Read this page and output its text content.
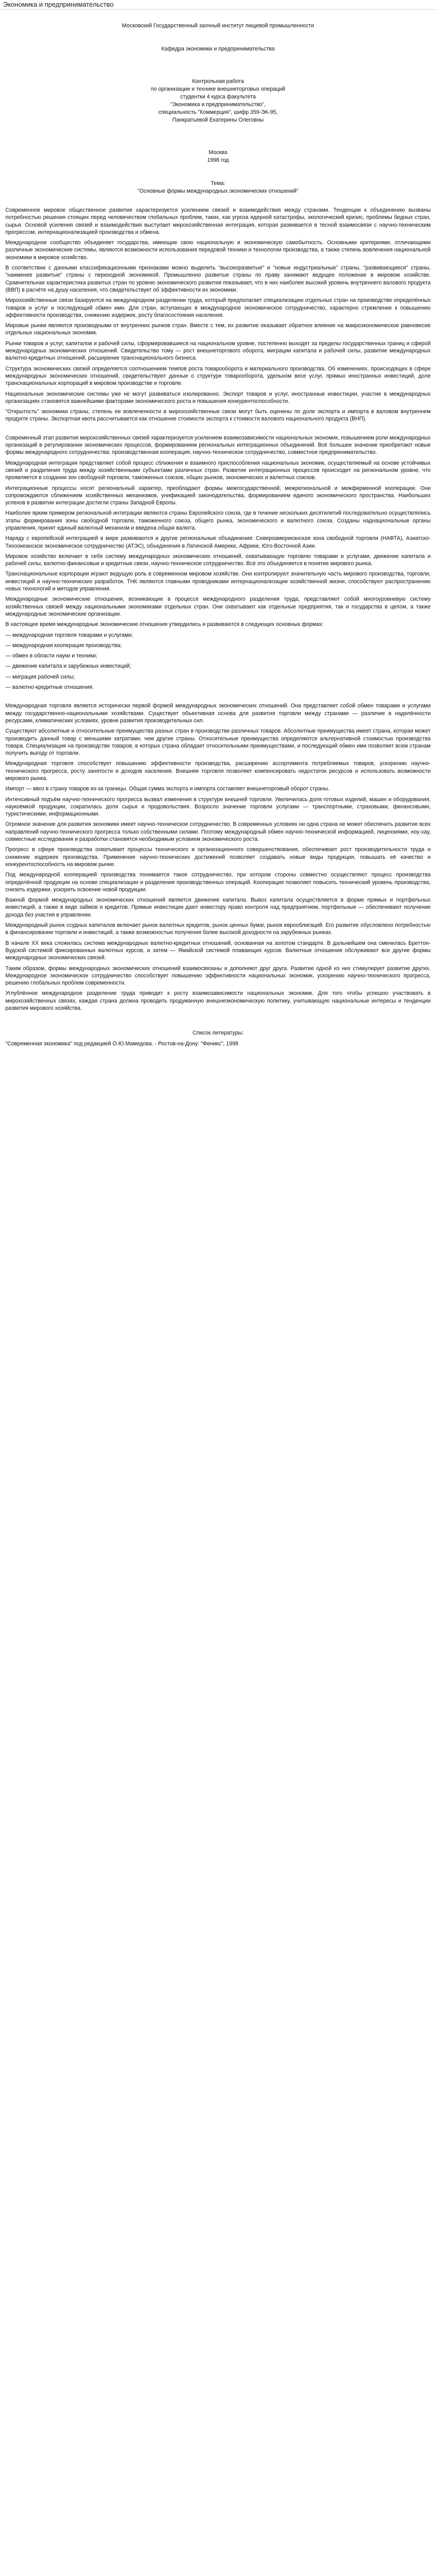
Экономика и предпринимательство
Московский Государственный заочный институт пищевой промышленности
Кафедра экономики и предпринимательства
Контрольная работа
по организации и технике внешнеторговых операций
студентки 4 курса факультета
"Экономика и предпринимательство",
специальность "Коммерция", шифр 359-ЭК-95,
Панкратьевой Екатерины Олеговны
Москва
1998 год
Тема:
"Основные формы международных экономических отношений"

Современное мировое общественное развитие характеризуется усилением связей и взаимодействия между странами. Тенденции к объединению вызваны потребностью решения стоящих перед человечеством глобальных проблем, таких, как угроза ядерной катастрофы, экологический кризис, проблемы бедных стран, сырья. Основой усиления связей и взаимодействия выступает мирохозяйственная интеграция, которая развивается в тесной взаимосвязи с научно-техническим прогрессом, интернационализацией производства и обмена.

Международное сообщество объединяет государства, имеющие свою национальную и экономическую самобытность. Основными критериями, отличающими различные экономические системы, являются возможности использования передовой техники и технологии производства, а также степень вовлечения национальной экономики в мировое хозяйство.

В соответствии с данными классификационными признаками можно выделить "высокоразвитые" и "новые индустриальные" страны, "развивающиеся" страны, "наименее развитые" страны с переходной экономикой. Промышленно развитые страны по праву занимают ведущее положение в мировом хозяйстве. Сравнительная характеристика развитых стран по уровню экономического развития показывает, что в них наиболее высокий уровень внутреннего валового продукта (ВВП) в расчёте на душу населения, что свидетельствует об эффективности их экономики.

Мирохозяйственные связи базируются на международном разделении труда, который предполагает специализацию отдельных стран на производстве определённых товаров и услуг и последующий обмен ими. Для стран, вступающих в международное экономическое сотрудничество, характерно стремление к повышению эффективности производства, снижению издержек, росту благосостояния населения.

Мировые рынки являются производными от внутренних рынков стран. Вместе с тем, их развитие оказывает обратное влияние на макроэкономическое равновесие отдельных национальных экономик.

Рынки товаров и услуг, капиталов и рабочей силы, сформировавшиеся на национальном уровне, постепенно выходят за пределы государственных границ и сферой международных экономических отношений. Свидетельство тому — рост внешнеторгового оборота, миграции капитала и рабочей силы, развитие международных валютно-кредитных отношений, расширение транснационального бизнеса.

Структура экономических связей определяется соотношением темпов роста товарооборота и материального производства. Об изменениях, происходящих в сфере международных экономических отношений, свидетельствуют данные о структуре товарооборота, удельном весе услуг, прямых иностранных инвестиций, доле транснациональных корпораций в мировом производстве и торговле.

Национальные экономические системы уже не могут развиваться изолированно. Экспорт товаров и услуг, иностранные инвестиции, участие в международных организациях становятся важнейшими факторами экономического роста и повышения конкурентоспособности.

"Открытость" экономики страны, степень ее вовлеченности в мирохозяйственные связи могут быть оценены по доле экспорта и импорта в валовом внутреннем продукте страны. Экспортная квота рассчитывается как отношение стоимости экспорта к стоимости валового национального продукта (ВНП).

Современный этап развития мирохозяйственных связей характеризуется усилением взаимозависимости национальных экономик, повышением роли международных организаций в регулировании экономических процессов, формированием региональных интеграционных объединений. Всё большее значение приобретают новые формы международного сотрудничества: производственная кооперация, научно-техническое сотрудничество, совместное предпринимательство.

Международная интеграция представляет собой процесс сближения и взаимного приспособления национальных экономик, осуществляемый на основе устойчивых связей и разделения труда между хозяйственными субъектами различных стран. Развитие интеграционных процессов происходит на региональном уровне, что проявляется в создании зон свободной торговли, таможенных союзов, общих рынков, экономических и валютных союзов.

Интеграционные процессы носят региональный характер, преобладают формы межгосударственной, межрегиональной и межфирменной кооперации. Они сопровождаются сближением хозяйственных механизмов, унификацией законодательства, формированием единого экономического пространства. Наибольших успехов в развитии интеграции достигли страны Западной Европы.

Наиболее ярким примером региональной интеграции являются страны Европейского союза, где в течение нескольких десятилетий последовательно осуществлялись этапы формирования зоны свободной торговли, таможенного союза, общего рынка, экономического и валютного союза. Созданы наднациональные органы управления, принят единый валютный механизм и введена общая валюта.

Наряду с европейской интеграцией в мире развиваются и другие региональные объединения: Североамериканская зона свободной торговли (НАФТА), Азиатско-Тихоокеанское экономическое сотрудничество (АТЭС), объединения в Латинской Америке, Африке, Юго-Восточной Азии.

Мировое хозяйство включает в себя систему международных экономических отношений, охватывающую торговлю товарами и услугами, движение капитала и рабочей силы, валютно-финансовые и кредитные связи, научно-техническое сотрудничество. Всё это объединяется в понятие мирового рынка.

Транснациональные корпорации играют ведущую роль в современном мировом хозяйстве. Они контролируют значительную часть мирового производства, торговли, инвестиций и научно-технических разработок. ТНК являются главными проводниками интернационализации хозяйственной жизни, способствуют распространению новых технологий и методов управления.

Международные экономические отношения, возникающие в процессе международного разделения труда, представляют собой многоуровневую систему хозяйственных связей между национальными экономиками отдельных стран. Они охватывают как отдельные предприятия, так и государства в целом, а также международные экономические организации.

В настоящее время международные экономические отношения утвердились и развиваются в следующих основных формах:

— международная торговля товарами и услугами;
— международная кооперация производства;
— обмен в области науки и техники;
— движение капитала и зарубежных инвестиций;
— миграция рабочей силы;
— валютно-кредитные отношения.

Международная торговля является исторически первой формой международных экономических отношений. Она представляет собой обмен товарами и услугами между государственно-национальными хозяйствами. Существует объективная основа для развития торговли между странами — различие в наделённости ресурсами, климатических условиях, уровне развития производительных сил.

Существуют абсолютные и относительные преимущества разных стран в производстве различных товаров. Абсолютные преимущества имеет страна, которая может производить данный товар с меньшими затратами, чем другие страны. Относительные преимущества определяются альтернативной стоимостью производства товара. Специализация на производстве товаров, в которых страна обладает относительными преимуществами, и последующий обмен ими позволяет всем странам получить выгоду от торговли.

Международная торговля способствует повышению эффективности производства, расширению ассортимента потребляемых товаров, ускорению научно-технического прогресса, росту занятости и доходов населения. Внешняя торговля позволяет компенсировать недостаток ресурсов и использовать возможности мирового рынка.

Импорт — ввоз в страну товаров из-за границы. Общая сумма экспорта и импорта составляет внешнеторговый оборот страны.

Интенсивный подъём научно-технического прогресса вызвал изменения в структуре внешней торговли. Увеличилась доля готовых изделий, машин и оборудования, наукоёмкой продукции, сократилась доля сырья и продовольствия. Возросло значение торговли услугами — транспортными, страховыми, финансовыми, туристическими, информационными.

Огромное значение для развития экономики имеет научно-техническое сотрудничество. В современных условиях ни одна страна не может обеспечить развитие всех направлений научно-технического прогресса только собственными силами. Поэтому международный обмен научно-технической информацией, лицензиями, ноу-хау, совместные исследования и разработки становятся необходимым условием экономического роста.

Прогресс в сфере производства охватывает процессы технического и организационного совершенствования, обеспечивает рост производительности труда и снижение издержек производства. Применение научно-технических достижений позволяет создавать новые виды продукции, повышать её качество и конкурентоспособность на мировом рынке.

Под международной кооперацией производства понимается такое сотрудничество, при котором стороны совместно осуществляют процесс производства определённой продукции на основе специализации и разделения производственных операций. Кооперация позволяет повысить технический уровень производства, снизить издержки, ускорить освоение новой продукции.

Важной формой международных экономических отношений является движение капитала. Вывоз капитала осуществляется в форме прямых и портфельных инвестиций, а также в виде займов и кредитов. Прямые инвестиции дают инвестору право контроля над предприятием, портфельные — обеспечивают получение дохода без участия в управлении.

Международный рынок ссудных капиталов включает рынок валютных кредитов, рынок ценных бумаг, рынок еврооблигаций. Его развитие обусловлено потребностью в финансировании торговли и инвестиций, а также возможностью получения более высокой доходности на зарубежных рынках.

В начале XX века сложилась система международных валютно-кредитных отношений, основанная на золотом стандарте. В дальнейшем она сменилась Бреттон-Вудской системой фиксированных валютных курсов, а затем — Ямайской системой плавающих курсов. Валютные отношения обслуживают все другие формы международных экономических связей.

Таким образом, формы международных экономических отношений взаимосвязаны и дополняют друг друга. Развитие одной из них стимулирует развитие других. Международное экономическое сотрудничество способствует повышению эффективности национальных экономик, ускорению научно-технического прогресса, решению глобальных проблем современности.

Углублённое международное разделение труда приводит к росту взаимозависимости национальных экономик. Для того чтобы успешно участвовать в мирохозяйственных связях, каждая страна должна проводить продуманную внешнеэкономическую политику, учитывающую национальные интересы и тенденции развития мирового хозяйства.

Список литературы:
"Современная экономика" под редакцией О.Ю.Мамедова. - Ростов-на-Дону: "Феникс", 1998
